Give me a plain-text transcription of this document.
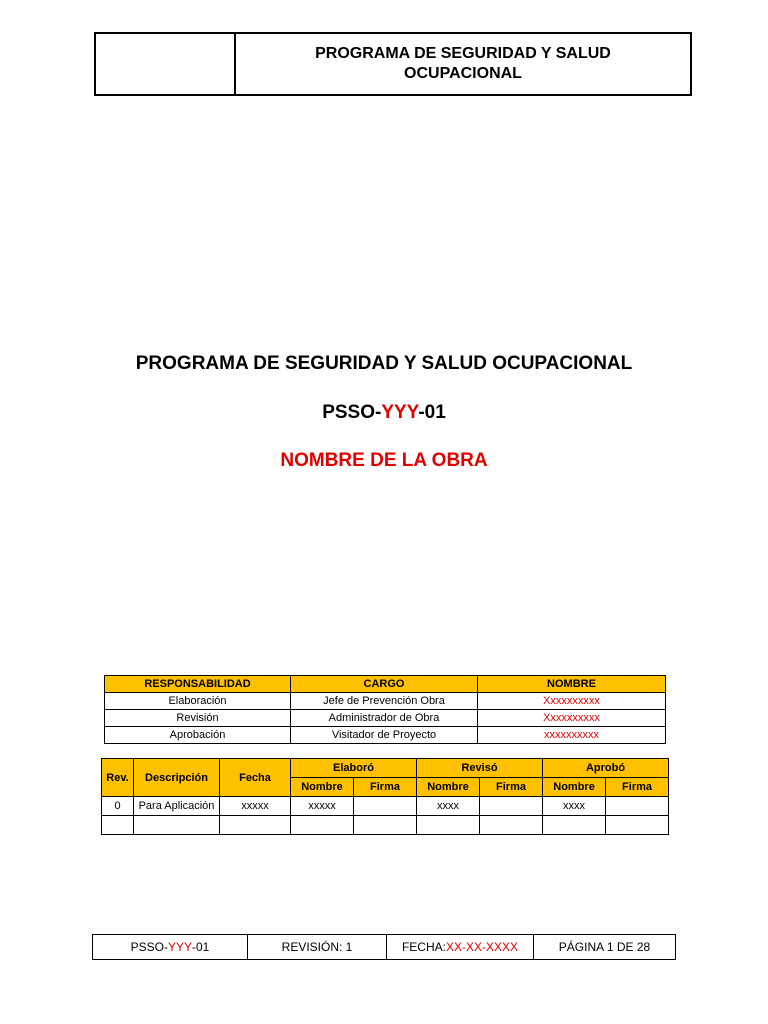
PROGRAMA DE SEGURIDAD Y SALUD
OCUPACIONAL
PROGRAMA DE SEGURIDAD Y SALUD OCUPACIONAL
PSSO-YYY-01
NOMBRE DE LA OBRA
RESPONSABILIDAD	CARGO	NOMBRE
Elaboración	Jefe de Prevención Obra	Xxxxxxxxxx
Revisión	Administrador de Obra	Xxxxxxxxxx
Aprobación	Visitador de Proyecto	xxxxxxxxxx
Rev.	Descripción	Fecha	Elaboró		Revisó		Aprobó	
			Nombre	Firma	Nombre	Firma	Nombre	Firma
0	Para Aplicación	xxxxx	xxxxx		xxxx		xxxx	

PSSO- YYY -01	REVISIÓN: 1	FECHA: XX-XX-XXXX	PÁGINA 1 DE 28
